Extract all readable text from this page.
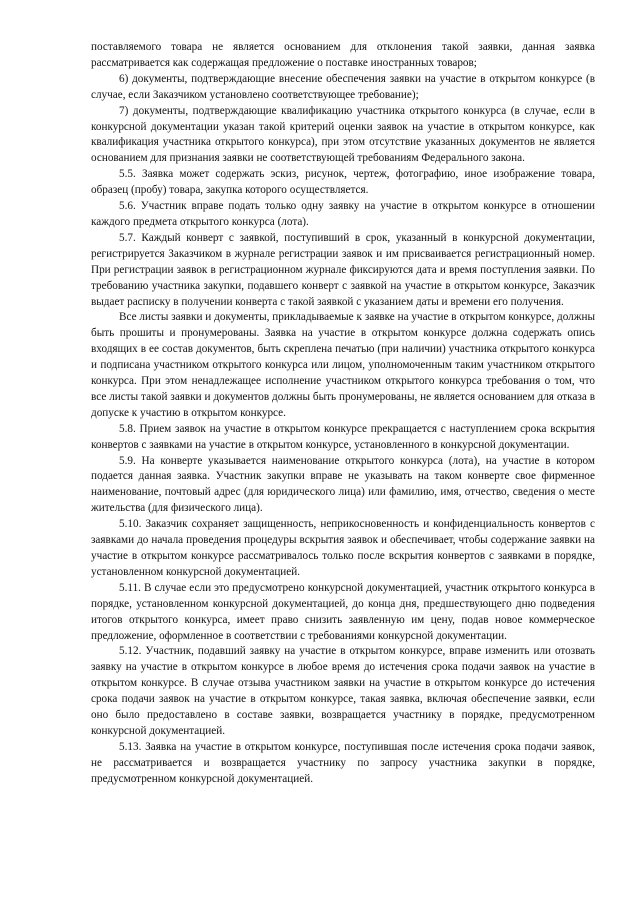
поставляемого товара не является основанием для отклонения такой заявки, данная заявка рассматривается как содержащая предложение о поставке иностранных товаров;

6) документы, подтверждающие внесение обеспечения заявки на участие в открытом конкурсе (в случае, если Заказчиком установлено соответствующее требование);

7) документы, подтверждающие квалификацию участника открытого конкурса (в случае, если в конкурсной документации указан такой критерий оценки заявок на участие в открытом конкурсе, как квалификация участника открытого конкурса), при этом отсутствие указанных документов не является основанием для признания заявки не соответствующей требованиям Федерального закона.

5.5. Заявка может содержать эскиз, рисунок, чертеж, фотографию, иное изображение товара, образец (пробу) товара, закупка которого осуществляется.

5.6. Участник вправе подать только одну заявку на участие в открытом конкурсе в отношении каждого предмета открытого конкурса (лота).

5.7. Каждый конверт с заявкой, поступивший в срок, указанный в конкурсной документации, регистрируется Заказчиком в журнале регистрации заявок и им присваивается регистрационный номер. При регистрации заявок в регистрационном журнале фиксируются дата и время поступления заявки. По требованию участника закупки, подавшего конверт с заявкой на участие в открытом конкурсе, Заказчик выдает расписку в получении конверта с такой заявкой с указанием даты и времени его получения.

Все листы заявки и документы, прикладываемые к заявке на участие в открытом конкурсе, должны быть прошиты и пронумерованы. Заявка на участие в открытом конкурсе должна содержать опись входящих в ее состав документов, быть скреплена печатью (при наличии) участника открытого конкурса и подписана участником открытого конкурса или лицом, уполномоченным таким участником открытого конкурса. При этом ненадлежащее исполнение участником открытого конкурса требования о том, что все листы такой заявки и документов должны быть пронумерованы, не является основанием для отказа в допуске к участию в открытом конкурсе.

5.8. Прием заявок на участие в открытом конкурсе прекращается с наступлением срока вскрытия конвертов с заявками на участие в открытом конкурсе, установленного в конкурсной документации.

5.9. На конверте указывается наименование открытого конкурса (лота), на участие в котором подается данная заявка. Участник закупки вправе не указывать на таком конверте свое фирменное наименование, почтовый адрес (для юридического лица) или фамилию, имя, отчество, сведения о месте жительства (для физического лица).

5.10. Заказчик сохраняет защищенность, неприкосновенность и конфиденциальность конвертов с заявками до начала проведения процедуры вскрытия заявок и обеспечивает, чтобы содержание заявки на участие в открытом конкурсе рассматривалось только после вскрытия конвертов с заявками в порядке, установленном конкурсной документацией.

5.11. В случае если это предусмотрено конкурсной документацией, участник открытого конкурса в порядке, установленном конкурсной документацией, до конца дня, предшествующего дню подведения итогов открытого конкурса, имеет право снизить заявленную им цену, подав новое коммерческое предложение, оформленное в соответствии с требованиями конкурсной документации.

5.12. Участник, подавший заявку на участие в открытом конкурсе, вправе изменить или отозвать заявку на участие в открытом конкурсе в любое время до истечения срока подачи заявок на участие в открытом конкурсе. В случае отзыва участником заявки на участие в открытом конкурсе до истечения срока подачи заявок на участие в открытом конкурсе, такая заявка, включая обеспечение заявки, если оно было предоставлено в составе заявки, возвращается участнику в порядке, предусмотренном конкурсной документацией.

5.13. Заявка на участие в открытом конкурсе, поступившая после истечения срока подачи заявок, не рассматривается и возвращается участнику по запросу участника закупки в порядке, предусмотренном конкурсной документацией.
